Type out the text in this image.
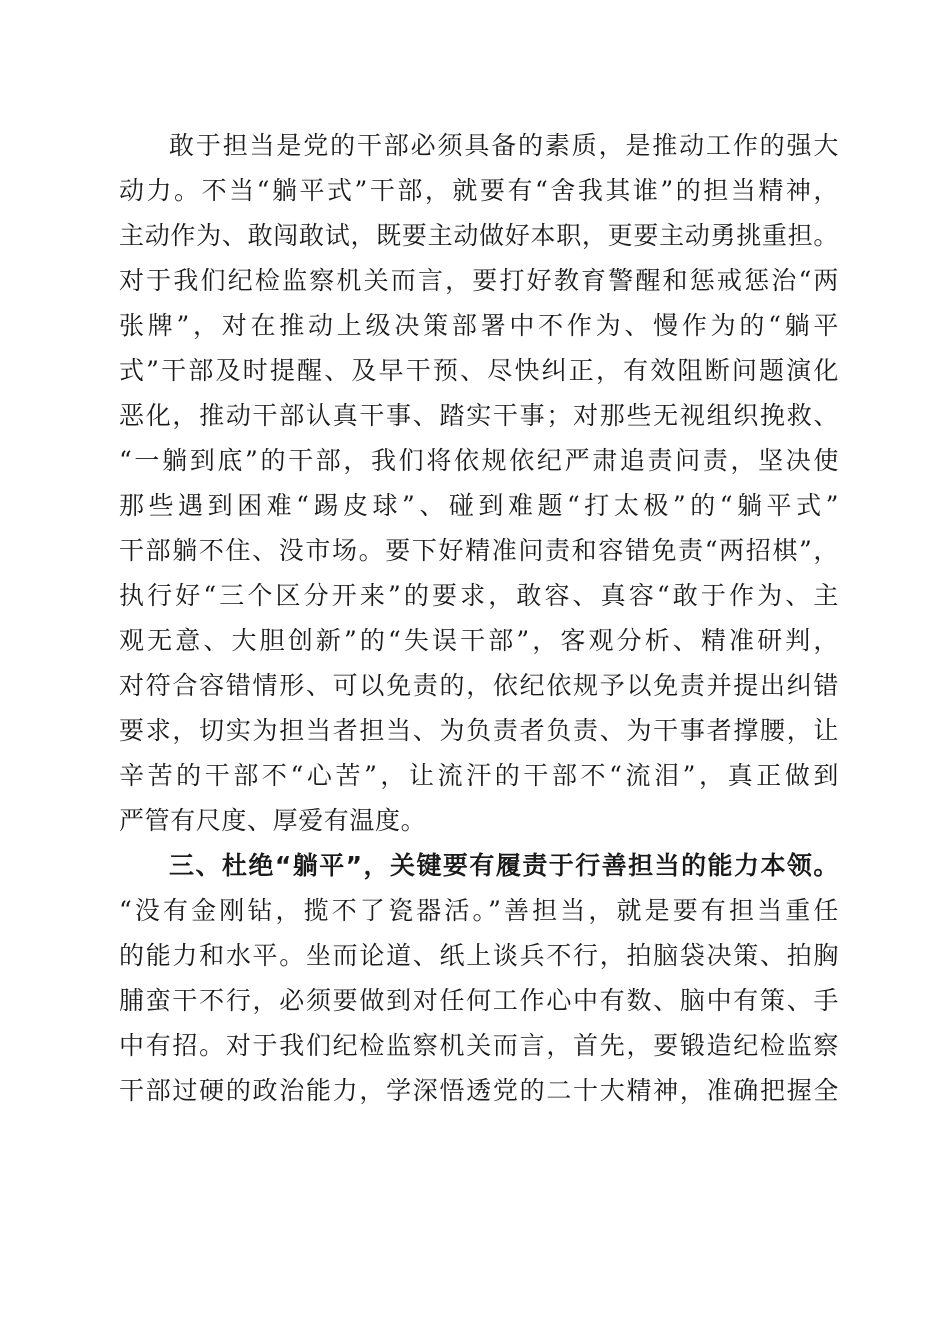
敢于担当是党的干部必须具备的素质，是推动工作的强大
动力。不当“躺平式”干部，就要有“舍我其谁”的担当精神，
主动作为、敢闯敢试，既要主动做好本职，更要主动勇挑重担。
对于我们纪检监察机关而言，要打好教育警醒和惩戒惩治“两
张牌”，对在推动上级决策部署中不作为、慢作为的“躺平
式”干部及时提醒、及早干预、尽快纠正，有效阻断问题演化
恶化，推动干部认真干事、踏实干事；对那些无视组织挽救、
“一躺到底”的干部，我们将依规依纪严肃追责问责，坚决使
那些遇到困难“踢皮球”、碰到难题“打太极”的“躺平式”
干部躺不住、没市场。要下好精准问责和容错免责“两招棋”，
执行好“三个区分开来”的要求，敢容、真容“敢于作为、主
观无意、大胆创新”的“失误干部”，客观分析、精准研判，
对符合容错情形、可以免责的，依纪依规予以免责并提出纠错
要求，切实为担当者担当、为负责者负责、为干事者撑腰，让
辛苦的干部不“心苦”，让流汗的干部不“流泪”，真正做到
严管有尺度、厚爱有温度。
三、杜绝“躺平”，关键要有履责于行善担当的能力本领。
“没有金刚钻，揽不了瓷器活。”善担当，就是要有担当重任
的能力和水平。坐而论道、纸上谈兵不行，拍脑袋决策、拍胸
脯蛮干不行，必须要做到对任何工作心中有数、脑中有策、手
中有招。对于我们纪检监察机关而言，首先，要锻造纪检监察
干部过硬的政治能力，学深悟透党的二十大精神，准确把握全
